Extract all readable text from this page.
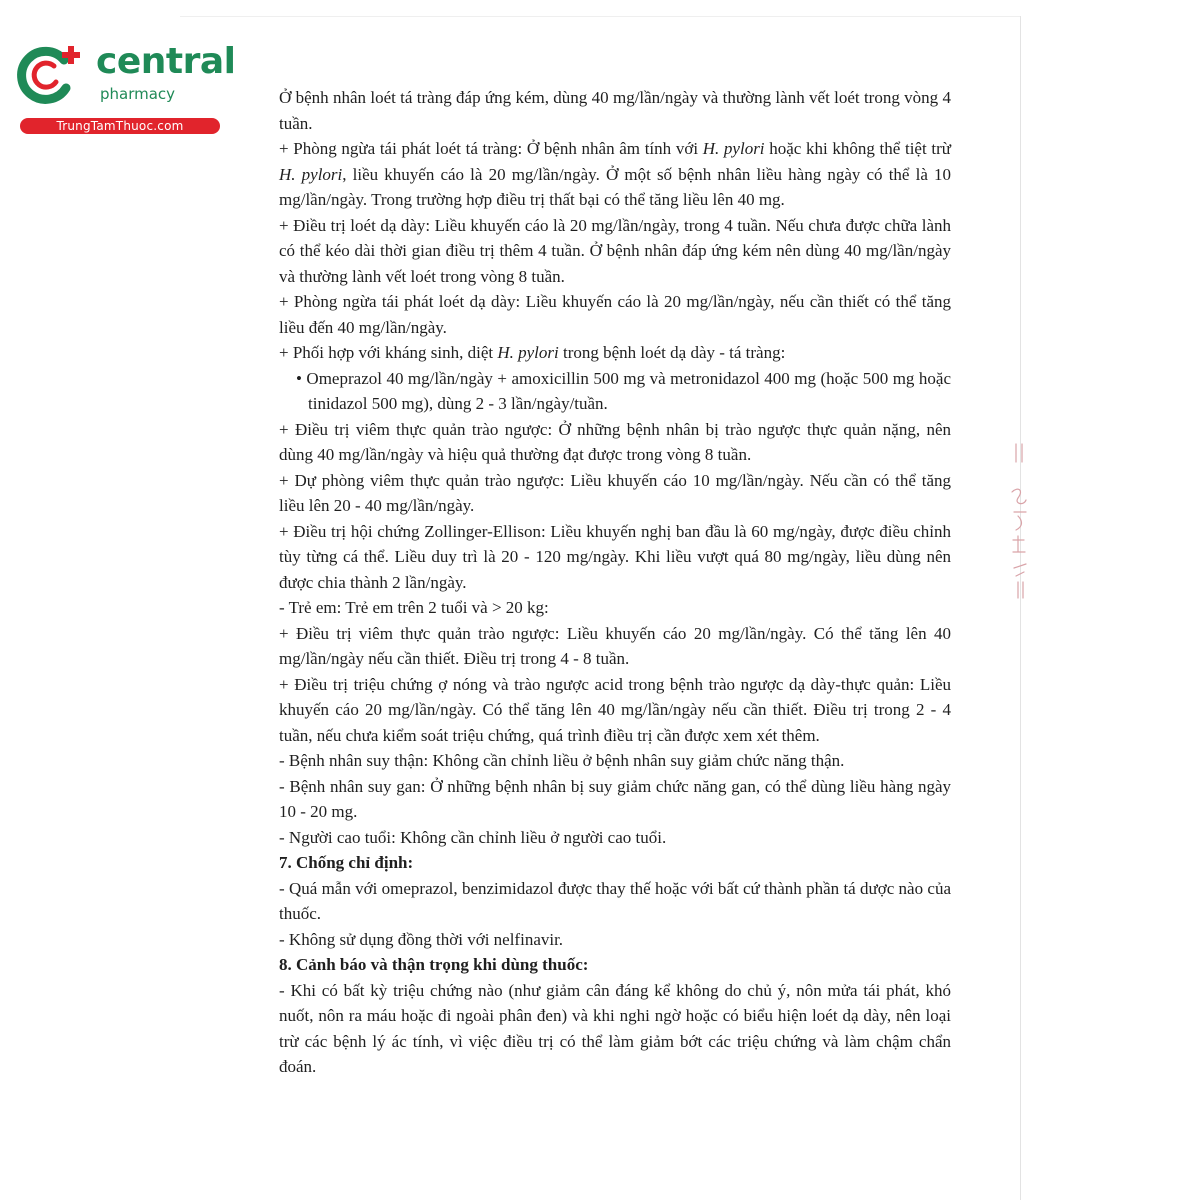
central
pharmacy
TrungTamThuoc.com

Ở bệnh nhân loét tá tràng đáp ứng kém, dùng 40 mg/lần/ngày và thường lành vết loét trong vòng 4 tuần.

+ Phòng ngừa tái phát loét tá tràng: Ở bệnh nhân âm tính với H. pylori hoặc khi không thể tiệt trừ H. pylori, liều khuyến cáo là 20 mg/lần/ngày. Ở một số bệnh nhân liều hàng ngày có thể là 10 mg/lần/ngày. Trong trường hợp điều trị thất bại có thể tăng liều lên 40 mg.

+ Điều trị loét dạ dày: Liều khuyến cáo là 20 mg/lần/ngày, trong 4 tuần. Nếu chưa được chữa lành có thể kéo dài thời gian điều trị thêm 4 tuần. Ở bệnh nhân đáp ứng kém nên dùng 40 mg/lần/ngày và thường lành vết loét trong vòng 8 tuần.

+ Phòng ngừa tái phát loét dạ dày: Liều khuyến cáo là 20 mg/lần/ngày, nếu cần thiết có thể tăng liều đến 40 mg/lần/ngày.

+ Phối hợp với kháng sinh, diệt H. pylori trong bệnh loét dạ dày - tá tràng:

• Omeprazol 40 mg/lần/ngày + amoxicillin 500 mg và metronidazol 400 mg (hoặc 500 mg hoặc tinidazol 500 mg), dùng 2 - 3 lần/ngày/tuần.

+ Điều trị viêm thực quản trào ngược: Ở những bệnh nhân bị trào ngược thực quản nặng, nên dùng 40 mg/lần/ngày và hiệu quả thường đạt được trong vòng 8 tuần.

+ Dự phòng viêm thực quản trào ngược: Liều khuyến cáo 10 mg/lần/ngày. Nếu cần có thể tăng liều lên 20 - 40 mg/lần/ngày.

+ Điều trị hội chứng Zollinger-Ellison: Liều khuyến nghị ban đầu là 60 mg/ngày, được điều chỉnh tùy từng cá thể. Liều duy trì là 20 - 120 mg/ngày. Khi liều vượt quá 80 mg/ngày, liều dùng nên được chia thành 2 lần/ngày.

- Trẻ em: Trẻ em trên 2 tuổi và > 20 kg:

+ Điều trị viêm thực quản trào ngược: Liều khuyến cáo 20 mg/lần/ngày. Có thể tăng lên 40 mg/lần/ngày nếu cần thiết. Điều trị trong 4 - 8 tuần.

+ Điều trị triệu chứng ợ nóng và trào ngược acid trong bệnh trào ngược dạ dày-thực quản: Liều khuyến cáo 20 mg/lần/ngày. Có thể tăng lên 40 mg/lần/ngày nếu cần thiết. Điều trị trong 2 - 4 tuần, nếu chưa kiểm soát triệu chứng, quá trình điều trị cần được xem xét thêm.

- Bệnh nhân suy thận: Không cần chỉnh liều ở bệnh nhân suy giảm chức năng thận.

- Bệnh nhân suy gan: Ở những bệnh nhân bị suy giảm chức năng gan, có thể dùng liều hàng ngày 10 - 20 mg.

- Người cao tuổi: Không cần chỉnh liều ở người cao tuổi.

7. Chống chỉ định:

- Quá mẫn với omeprazol, benzimidazol được thay thế hoặc với bất cứ thành phần tá dược nào của thuốc.

- Không sử dụng đồng thời với nelfinavir.

8. Cảnh báo và thận trọng khi dùng thuốc:

- Khi có bất kỳ triệu chứng nào (như giảm cân đáng kể không do chủ ý, nôn mửa tái phát, khó nuốt, nôn ra máu hoặc đi ngoài phân đen) và khi nghi ngờ hoặc có biểu hiện loét dạ dày, nên loại trừ các bệnh lý ác tính, vì việc điều trị có thể làm giảm bớt các triệu chứng và làm chậm chẩn đoán.
